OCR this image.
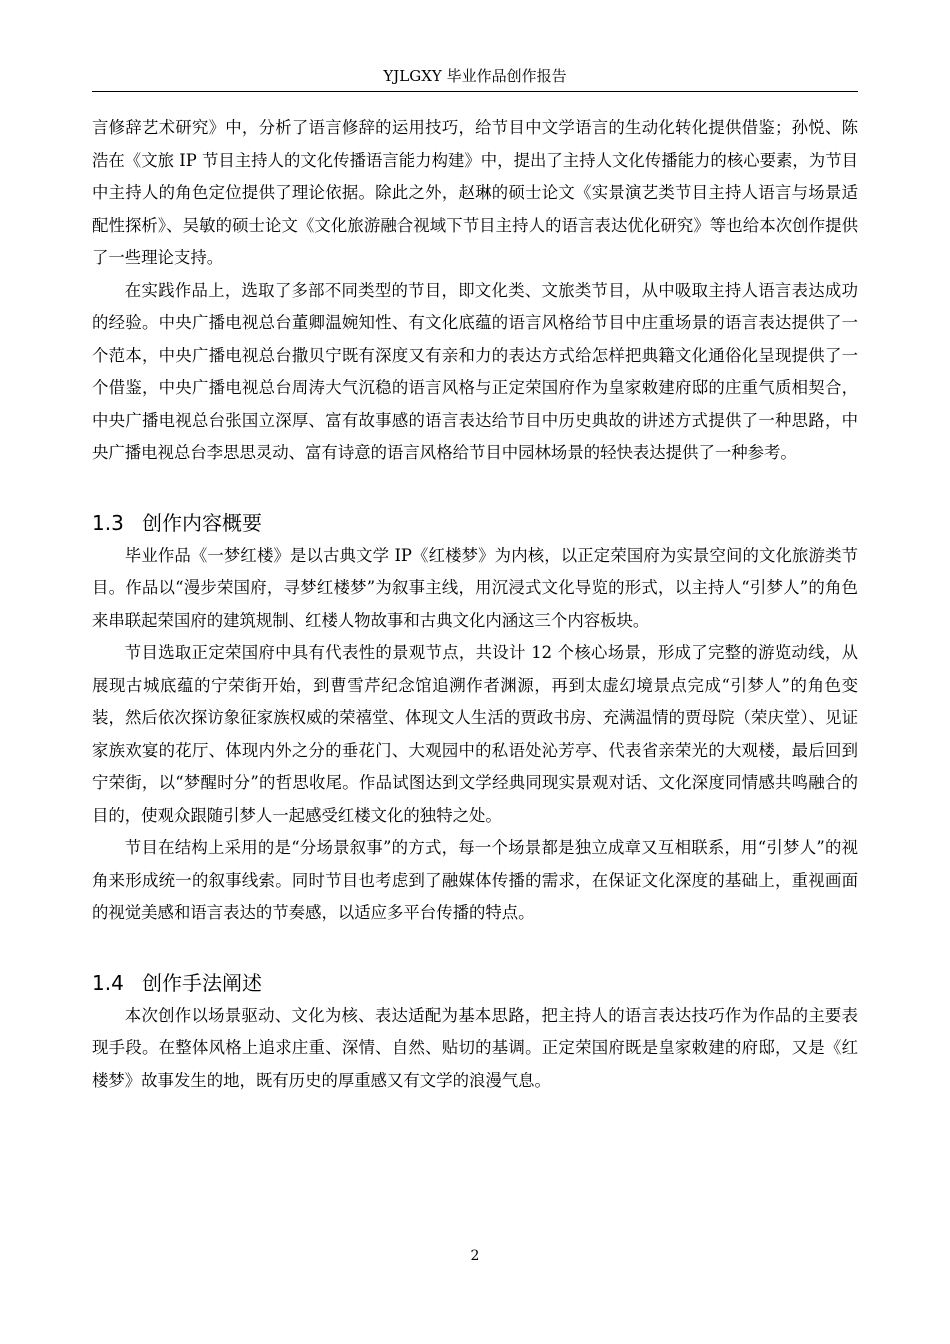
YJLGXY 毕业作品创作报告

言修辞艺术研究》中，分析了语言修辞的运用技巧，给节目中文学语言的生动化转化提供借鉴；孙悦、陈浩在《文旅 IP 节目主持人的文化传播语言能力构建》中，提出了主持人文化传播能力的核心要素，为节目中主持人的角色定位提供了理论依据。除此之外，赵琳的硕士论文《实景演艺类节目主持人语言与场景适配性探析》、吴敏的硕士论文《文化旅游融合视域下节目主持人的语言表达优化研究》等也给本次创作提供了一些理论支持。

在实践作品上，选取了多部不同类型的节目，即文化类、文旅类节目，从中吸取主持人语言表达成功的经验。中央广播电视总台董卿温婉知性、有文化底蕴的语言风格给节目中庄重场景的语言表达提供了一个范本，中央广播电视总台撒贝宁既有深度又有亲和力的表达方式给怎样把典籍文化通俗化呈现提供了一个借鉴，中央广播电视总台周涛大气沉稳的语言风格与正定荣国府作为皇家敕建府邸的庄重气质相契合，中央广播电视总台张国立深厚、富有故事感的语言表达给节目中历史典故的讲述方式提供了一种思路，中央广播电视总台李思思灵动、富有诗意的语言风格给节目中园林场景的轻快表达提供了一种参考。

1.3 创作内容概要

毕业作品《一梦红楼》是以古典文学 IP《红楼梦》为内核，以正定荣国府为实景空间的文化旅游类节目。作品以“漫步荣国府，寻梦红楼梦”为叙事主线，用沉浸式文化导览的形式，以主持人“引梦人”的角色来串联起荣国府的建筑规制、红楼人物故事和古典文化内涵这三个内容板块。

节目选取正定荣国府中具有代表性的景观节点，共设计 12 个核心场景，形成了完整的游览动线，从展现古城底蕴的宁荣街开始，到曹雪芹纪念馆追溯作者渊源，再到太虚幻境景点完成“引梦人”的角色变装，然后依次探访象征家族权威的荣禧堂、体现文人生活的贾政书房、充满温情的贾母院（荣庆堂）、见证家族欢宴的花厅、体现内外之分的垂花门、大观园中的私语处沁芳亭、代表省亲荣光的大观楼，最后回到宁荣街，以“梦醒时分”的哲思收尾。作品试图达到文学经典同现实景观对话、文化深度同情感共鸣融合的目的，使观众跟随引梦人一起感受红楼文化的独特之处。

节目在结构上采用的是“分场景叙事”的方式，每一个场景都是独立成章又互相联系，用“引梦人”的视角来形成统一的叙事线索。同时节目也考虑到了融媒体传播的需求，在保证文化深度的基础上，重视画面的视觉美感和语言表达的节奏感，以适应多平台传播的特点。

1.4 创作手法阐述

本次创作以场景驱动、文化为核、表达适配为基本思路，把主持人的语言表达技巧作为作品的主要表现手段。在整体风格上追求庄重、深情、自然、贴切的基调。正定荣国府既是皇家敕建的府邸，又是《红楼梦》故事发生的地，既有历史的厚重感又有文学的浪漫气息。

2
